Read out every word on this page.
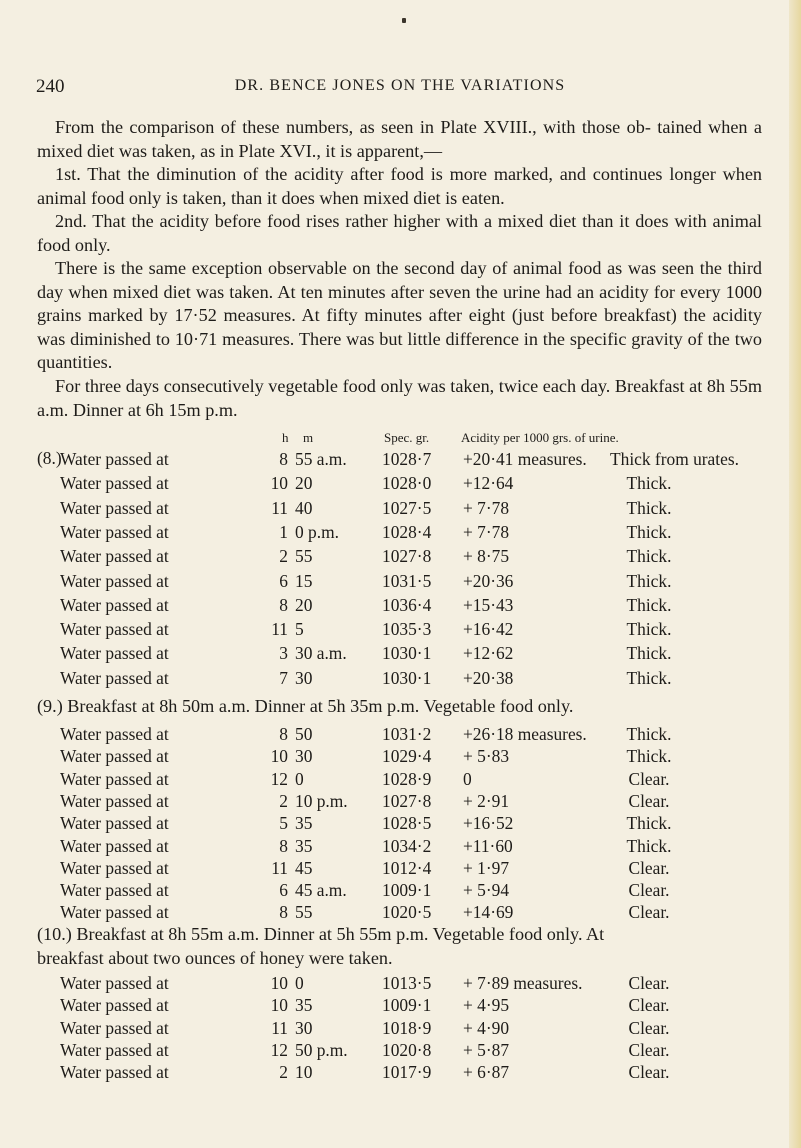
240	DR. BENCE JONES ON THE VARIATIONS

From the comparison of these numbers, as seen in Plate XVIII., with those ob- tained when a mixed diet was taken, as in Plate XVI., it is apparent,—

1st. That the diminution of the acidity after food is more marked, and continues longer when animal food only is taken, than it does when mixed diet is eaten.

2nd. That the acidity before food rises rather higher with a mixed diet than it does with animal food only.

There is the same exception observable on the second day of animal food as was seen the third day when mixed diet was taken. At ten minutes after seven the urine had an acidity for every 1000 grains marked by 17·52 measures. At fifty minutes after eight (just before breakfast) the acidity was diminished to 10·71 measures. There was but little difference in the specific gravity of the two quantities.

For three days consecutively vegetable food only was taken, twice each day. Breakfast at 8h 55m a.m. Dinner at 6h 15m p.m.

h m	Spec. gr. Acidity per 1000 grs. of urine.
(8.)
Water passed at	8 55 a.m. 1028·7 +20·41 measures. Thick from urates.
Water passed at	10 20	1028·0 +12·64	Thick.
Water passed at	11 40	1027·5 + 7·78	Thick.
Water passed at	1 0 p.m. 1028·4 + 7·78	Thick.
Water passed at	2 55	1027·8 + 8·75	Thick.
Water passed at	6 15	1031·5 +20·36	Thick.
Water passed at	8 20	1036·4 +15·43	Thick.
Water passed at	11 5	1035·3 +16·42	Thick.
Water passed at	3 30 a.m. 1030·1 +12·62	Thick.
Water passed at	7 30	1030·1 +20·38	Thick.
(9.) Breakfast at 8h 50m a.m. Dinner at 5h 35m p.m. Vegetable food only.
Water passed at	8 50	1031·2 +26·18 measures.	Thick.
Water passed at	10 30	1029·4 + 5·83	Thick.
Water passed at	12 0	1028·9 0	Clear.
Water passed at	2 10 p.m. 1027·8 + 2·91	Clear.
Water passed at	5 35	1028·5 +16·52	Thick.
Water passed at	8 35	1034·2 +11·60	Thick.
Water passed at	11 45	1012·4 + 1·97	Clear.
Water passed at	6 45 a.m. 1009·1 + 5·94	Clear.
Water passed at	8 55	1020·5 +14·69	Clear.
(10.) Breakfast at 8h 55m a.m. Dinner at 5h 55m p.m. Vegetable food only. At
breakfast about two ounces of honey were taken.
Water passed at	10 0	1013·5 + 7·89 measures.	Clear.
Water passed at	10 35	1009·1 + 4·95	Clear.
Water passed at	11 30	1018·9 + 4·90	Clear.
Water passed at	12 50 p.m. 1020·8 + 5·87	Clear.
Water passed at	2 10	1017·9 + 6·87	Clear.
